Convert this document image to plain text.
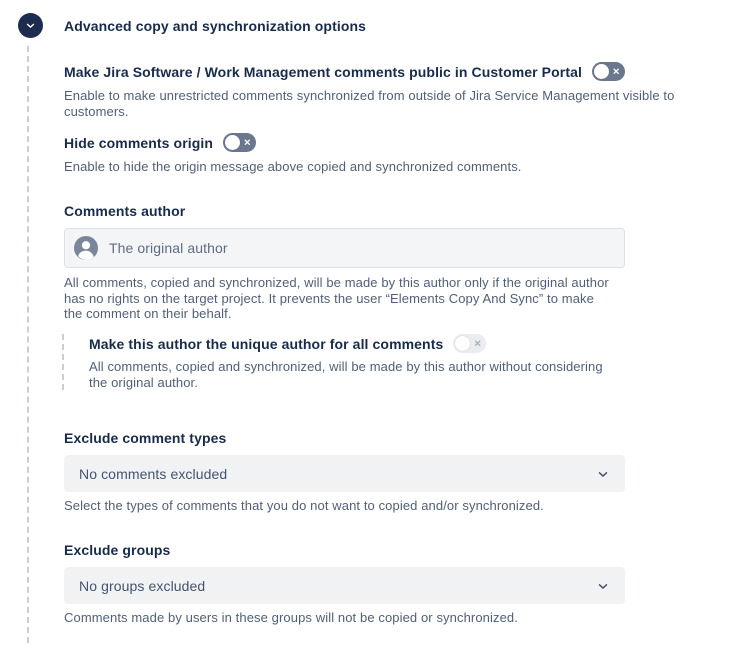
Advanced copy and synchronization options
Make Jira Software / Work Management comments public in Customer Portal	✕

Enable to make unrestricted comments synchronized from outside of Jira Service Management visible to customers.

Hide comments origin	✕

Enable to hide the origin message above copied and synchronized comments.

Comments author
The original author

All comments, copied and synchronized, will be made by this author only if the original author has no rights on the target project. It prevents the user “Elements Copy And Sync” to make the comment on their behalf.

Make this author the unique author for all comments	✕

All comments, copied and synchronized, will be made by this author without considering the original author.

Exclude comment types
No comments excluded

Select the types of comments that you do not want to copied and/or synchronized.

Exclude groups
No groups excluded

Comments made by users in these groups will not be copied or synchronized.
